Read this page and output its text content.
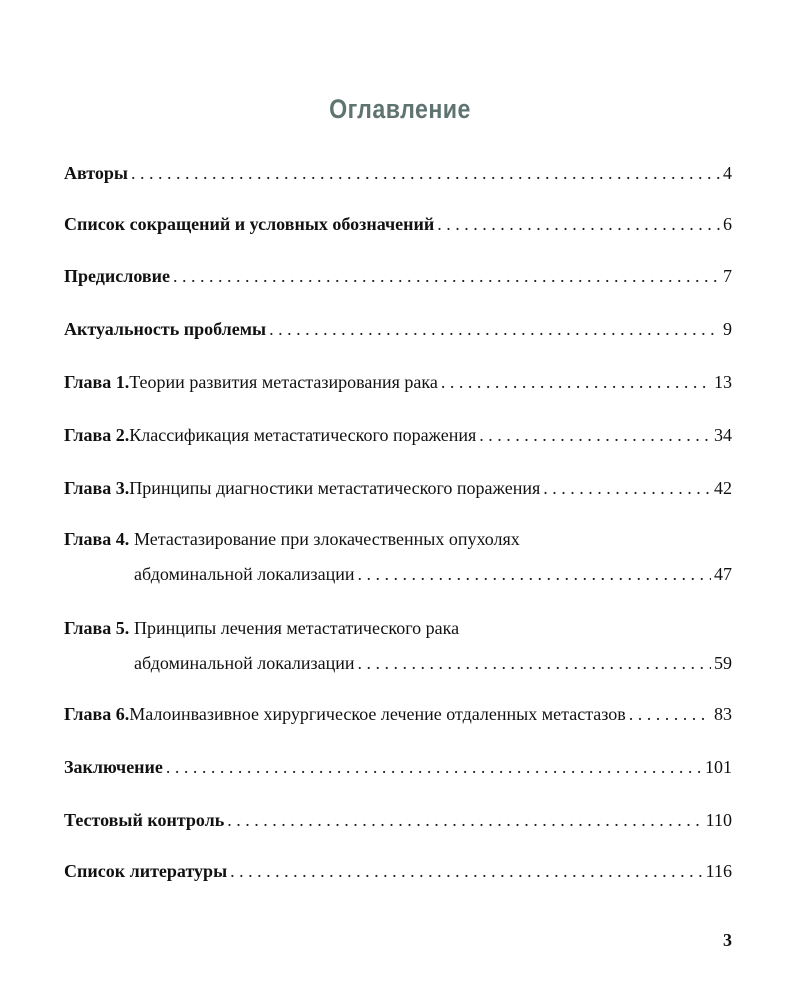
Оглавление
Авторы . . .	4
Список сокращений и условных обозначений . . .	6
Предисловие . . .	7
Актуальность проблемы . . .	9
Глава 1. Теории развития метастазирования рака . . .	13
Глава 2. Классификация метастатического поражения . . .	34
Глава 3. Принципы диагностики метастатического поражения . . .	42
Глава 4. Метастазирование при злокачественных опухолях
абдоминальной локализации . . .	47
Глава 5. Принципы лечения метастатического рака
абдоминальной локализации . . .	59
Глава 6. Малоинвазивное хирургическое лечение отдаленных метастазов . . .	83
Заключение . . .	101
Тестовый контроль . . .	110
Список литературы . . .	116
3
